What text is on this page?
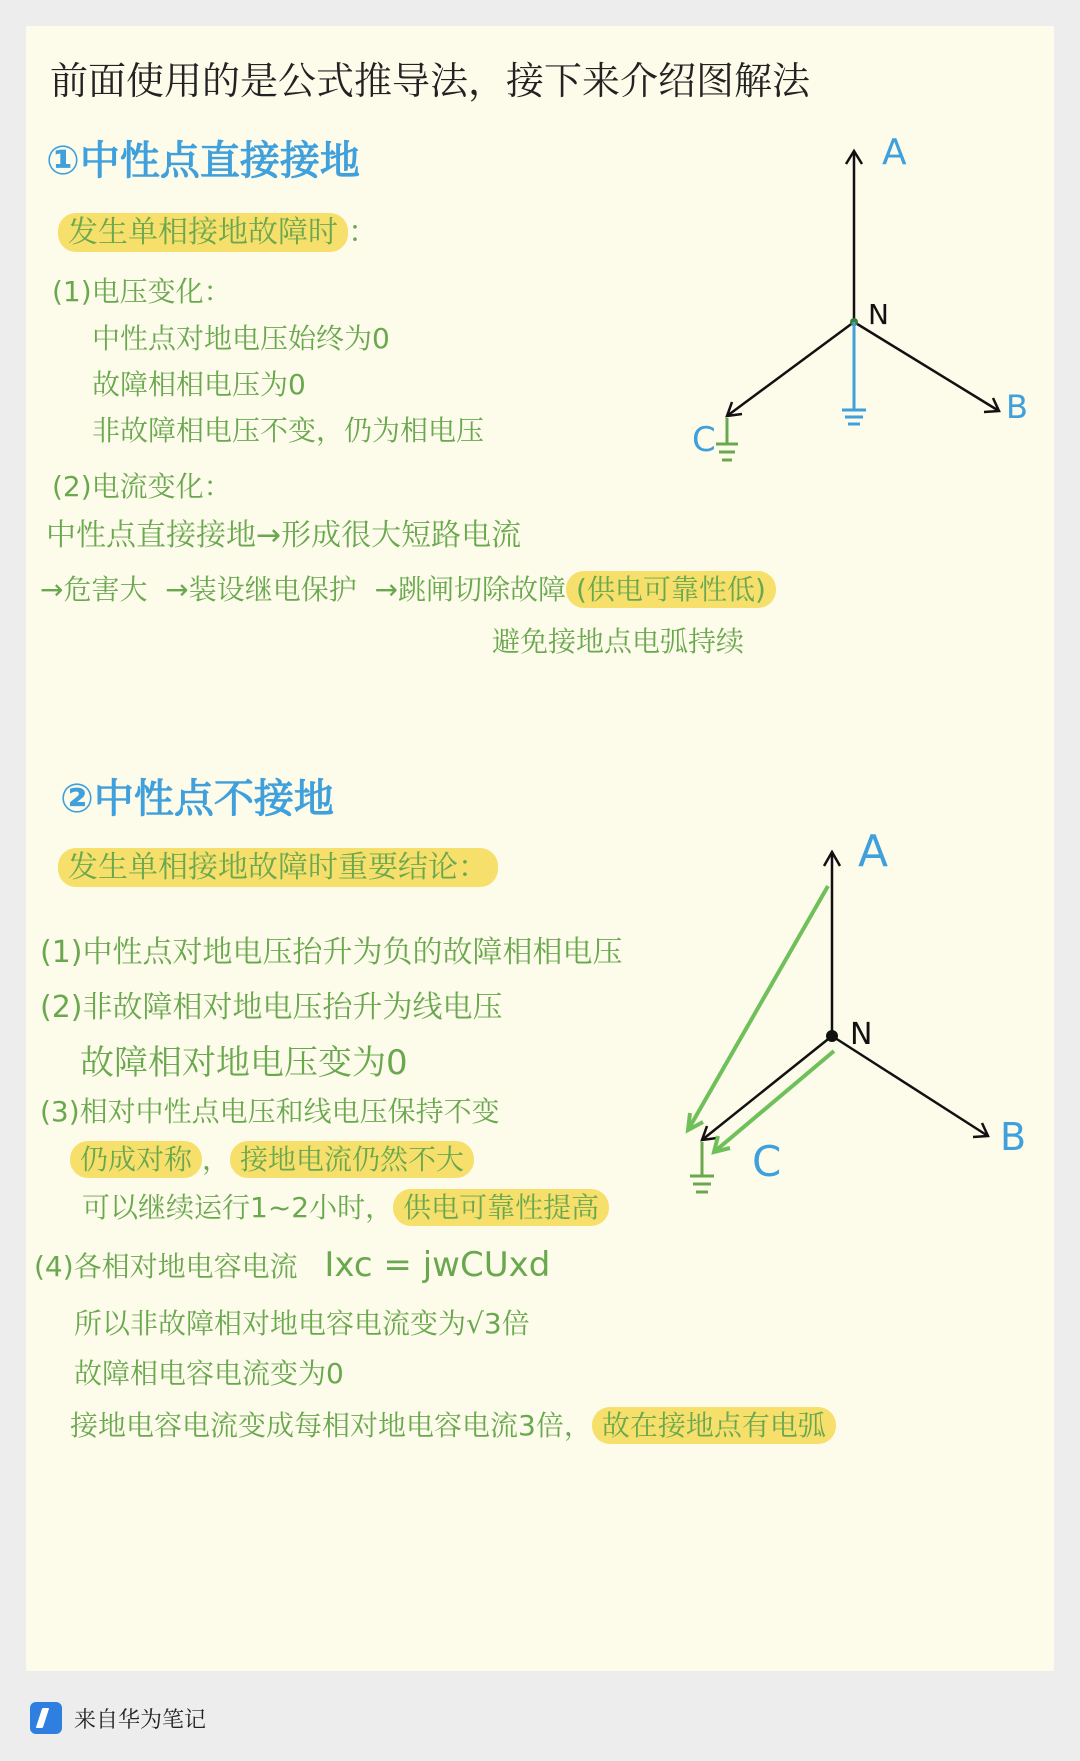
前面使用的是公式推导法，接下来介绍图解法
①中性点直接接地
发生单相接地故障时 ：
(1)电压变化：
中性点对地电压始终为0
故障相相电压为0
非故障相电压不变，仍为相电压
(2)电流变化：
中性点直接接地→形成很大短路电流
→危害大 →装设继电保护 →跳闸切除故障 (供电可靠性低)
避免接地点电弧持续
A
B
C
N
②中性点不接地
发生单相接地故障时重要结论：
(1)中性点对地电压抬升为负的故障相相电压
(2)非故障相对地电压抬升为线电压
故障相对地电压变为0
(3)相对中性点电压和线电压保持不变
仍成对称 ， 接地电流仍然不大
可以继续运行1~2小时， 供电可靠性提高
(4)各相对地电容电流 Ixc = jwCUxd
所以非故障相对地电容电流变为√3倍
故障相电容电流变为0
接地电容电流变成每相对地电容电流3倍， 故在接地点有电弧
A
B
C
N
来自华为笔记
